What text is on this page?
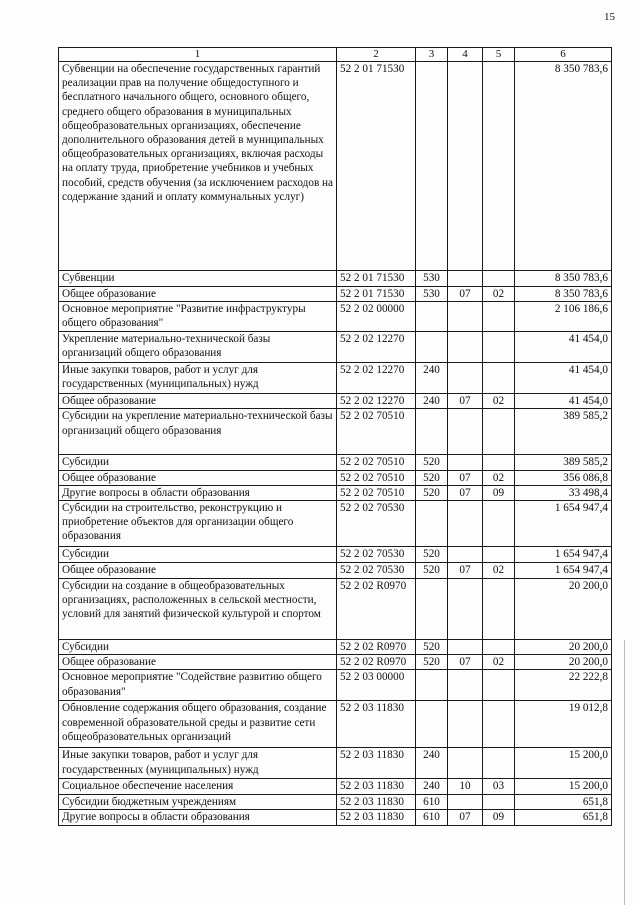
15
1	2	3	4	5	6
Субвенции на обеспечение государственных гарантий реализации прав на получение общедоступного и бесплатного начального общего, основного общего, среднего общего образования в муниципальных общеобразовательных организациях, обеспечение дополнительного образования детей в муниципальных общеобразовательных организациях, включая расходы на оплату труда, приобретение учебников и учебных пособий, средств обучения (за исключением расходов на содержание зданий и оплату коммунальных услуг)	52 2 01 71530				8 350 783,6
Субвенции	52 2 01 71530	530			8 350 783,6
Общее образование	52 2 01 71530	530	07	02	8 350 783,6
Основное мероприятие "Развитие инфраструктуры общего образования"	52 2 02 00000				2 106 186,6
Укрепление материально-технической базы организаций общего образования	52 2 02 12270				41 454,0
Иные закупки товаров, работ и услуг для государственных (муниципальных) нужд	52 2 02 12270	240			41 454,0
Общее образование	52 2 02 12270	240	07	02	41 454,0
Субсидии на укрепление материально-технической базы организаций общего образования	52 2 02 70510				389 585,2
Субсидии	52 2 02 70510	520			389 585,2
Общее образование	52 2 02 70510	520	07	02	356 086,8
Другие вопросы в области образования	52 2 02 70510	520	07	09	33 498,4
Субсидии на строительство, реконструкцию и приобретение объектов для организации общего образования	52 2 02 70530				1 654 947,4
Субсидии	52 2 02 70530	520			1 654 947,4
Общее образование	52 2 02 70530	520	07	02	1 654 947,4
Субсидии на создание в общеобразовательных организациях, расположенных в сельской местности, условий для занятий физической культурой и спортом	52 2 02 R0970				20 200,0
Субсидии	52 2 02 R0970	520			20 200,0
Общее образование	52 2 02 R0970	520	07	02	20 200,0
Основное мероприятие "Содействие развитию общего образования"	52 2 03 00000				22 222,8
Обновление содержания общего образования, создание современной образовательной среды и развитие сети общеобразовательных организаций	52 2 03 11830				19 012,8
Иные закупки товаров, работ и услуг для государственных (муниципальных) нужд	52 2 03 11830	240			15 200,0
Социальное обеспечение населения	52 2 03 11830	240	10	03	15 200,0
Субсидии бюджетным учреждениям	52 2 03 11830	610			651,8
Другие вопросы в области образования	52 2 03 11830	610	07	09	651,8
